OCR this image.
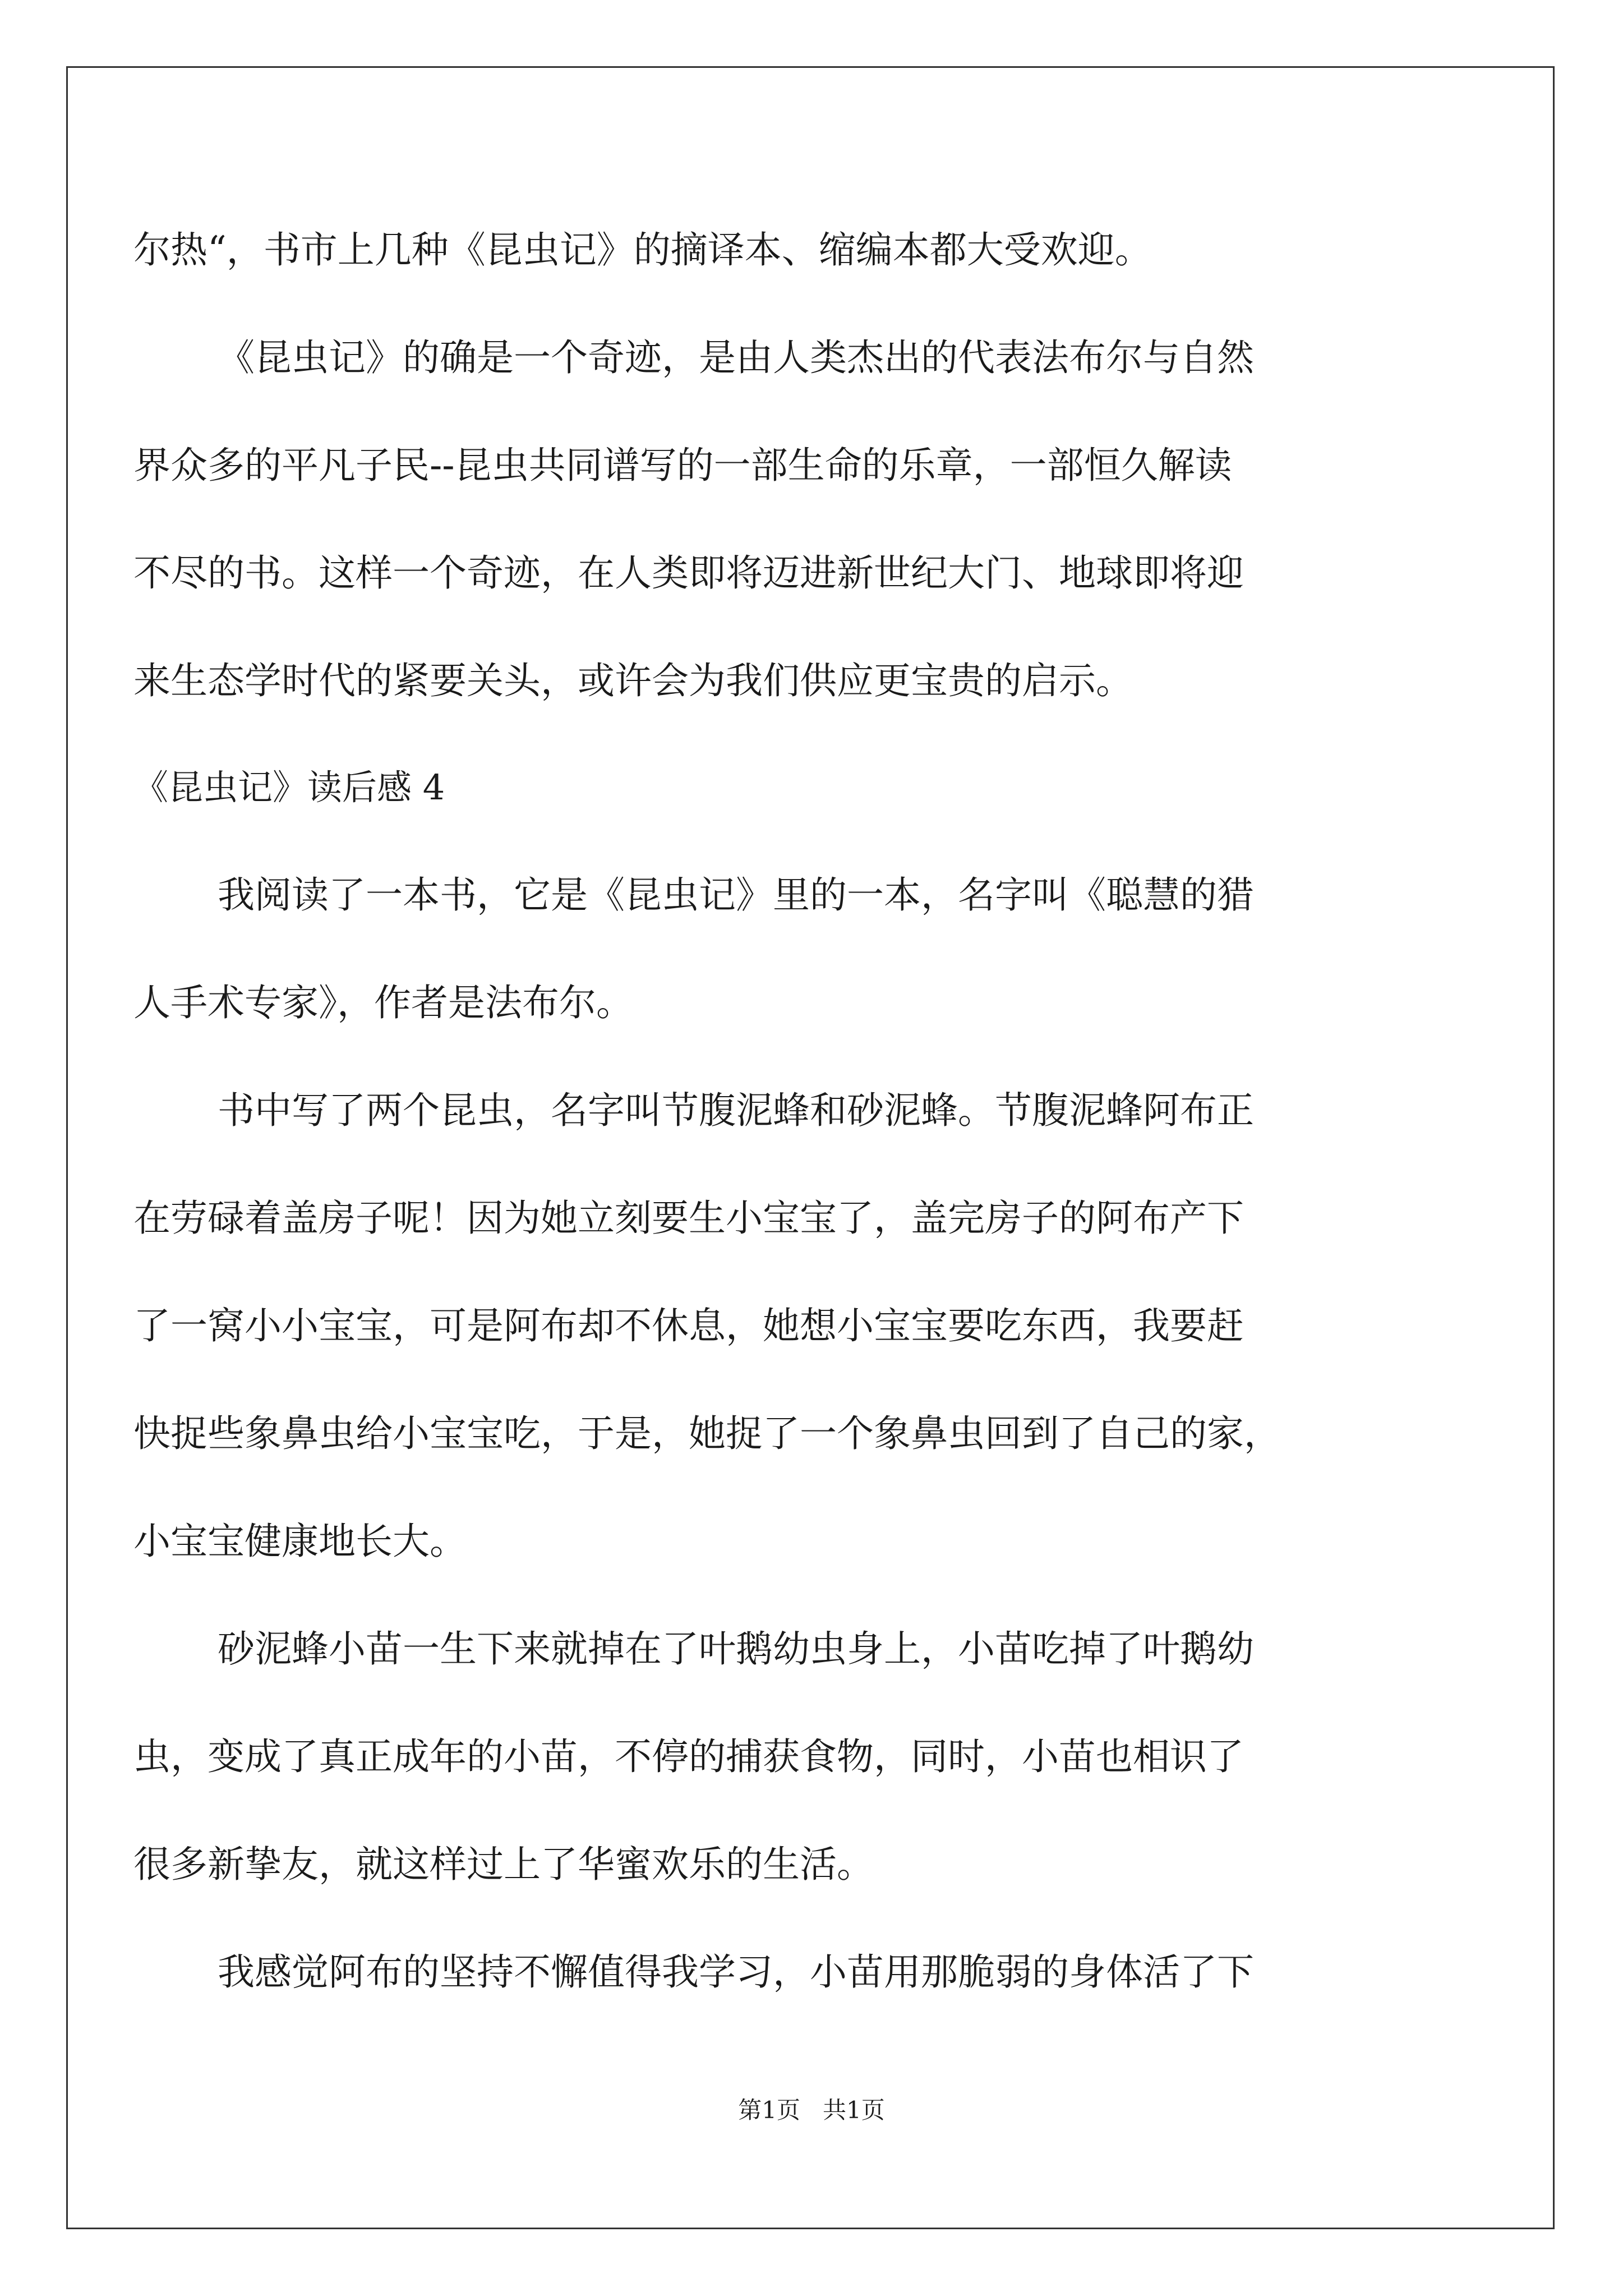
尔热“，书市上几种《昆虫记》的摘译本、缩编本都大受欢迎。
《昆虫记》的确是一个奇迹，是由人类杰出的代表法布尔与自然
界众多的平凡子民--昆虫共同谱写的一部生命的乐章，一部恒久解读
不尽的书。这样一个奇迹，在人类即将迈进新世纪大门、地球即将迎
来生态学时代的紧要关头，或许会为我们供应更宝贵的启示。
《昆虫记》读后感 4
我阅读了一本书，它是《昆虫记》里的一本，名字叫《聪慧的猎
人手术专家》，作者是法布尔。
书中写了两个昆虫，名字叫节腹泥蜂和砂泥蜂。节腹泥蜂阿布正
在劳碌着盖房子呢！因为她立刻要生小宝宝了，盖完房子的阿布产下
了一窝小小宝宝，可是阿布却不休息，她想小宝宝要吃东西，我要赶
快捉些象鼻虫给小宝宝吃，于是，她捉了一个象鼻虫回到了自己的家，
小宝宝健康地长大。
砂泥蜂小苗一生下来就掉在了叶鹅幼虫身上，小苗吃掉了叶鹅幼
虫，变成了真正成年的小苗，不停的捕获食物，同时，小苗也相识了
很多新挚友，就这样过上了华蜜欢乐的生活。
我感觉阿布的坚持不懈值得我学习，小苗用那脆弱的身体活了下
第1页   共1页
